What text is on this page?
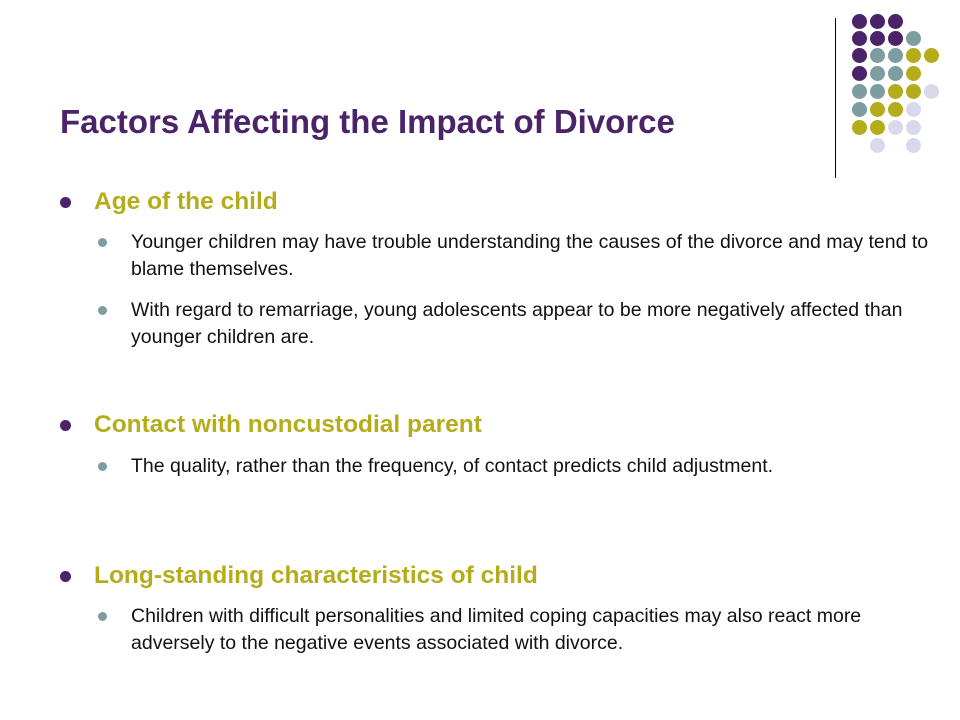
Factors Affecting the Impact of Divorce
Age of the child
Younger children may have trouble understanding the causes of the divorce and may tend to blame themselves.
With regard to remarriage, young adolescents appear to be more negatively affected than younger children are.
Contact with noncustodial parent
The quality, rather than the frequency, of contact predicts child adjustment.
Long-standing characteristics of child
Children with difficult personalities and limited coping capacities may also react more adversely to the negative events associated with divorce.
